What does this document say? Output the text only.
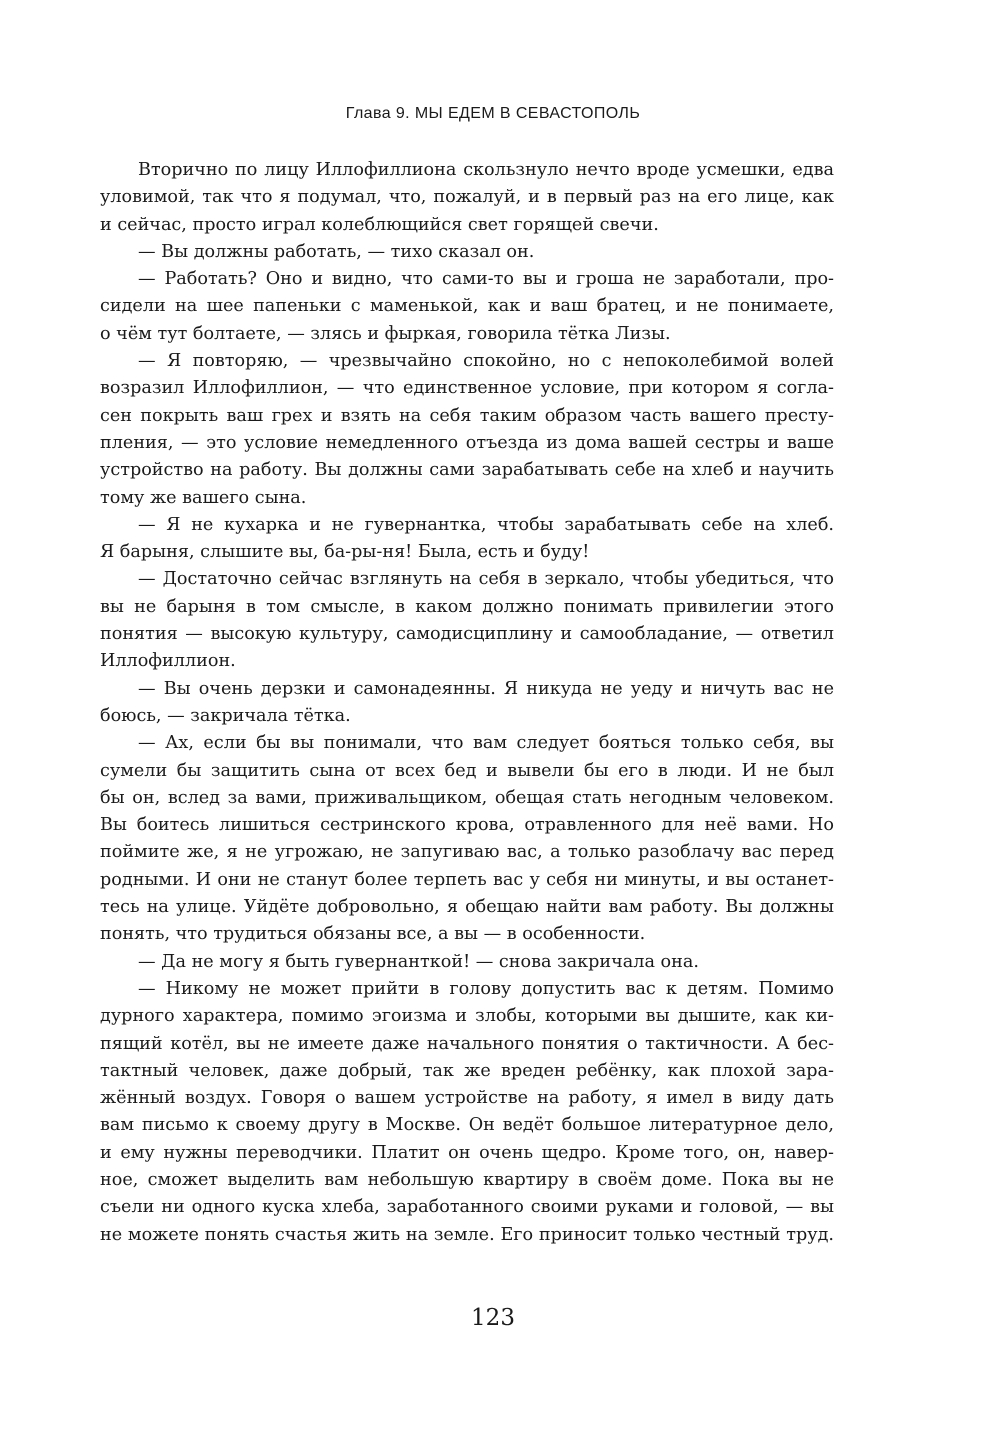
Глава 9. МЫ ЕДЕМ В СЕВАСТОПОЛЬ
Вторично по лицу Иллофиллиона скользнуло нечто вроде усмешки, едва
уловимой, так что я подумал, что, пожалуй, и в первый раз на его лице, как
и сейчас, просто играл колеблющийся свет горящей свечи.
— Вы должны работать, — тихо сказал он.
— Работать? Оно и видно, что сами-то вы и гроша не заработали, про-
сидели на шее папеньки с маменькой, как и ваш братец, и не понимаете,
о чём тут болтаете, — злясь и фыркая, говорила тётка Лизы.
— Я повторяю, — чрезвычайно спокойно, но с непоколебимой волей
возразил Иллофиллион, — что единственное условие, при котором я согла-
сен покрыть ваш грех и взять на себя таким образом часть вашего престу-
пления, — это условие немедленного отъезда из дома вашей сестры и ваше
устройство на работу. Вы должны сами зарабатывать себе на хлеб и научить
тому же вашего сына.
— Я не кухарка и не гувернантка, чтобы зарабатывать себе на хлеб.
Я барыня, слышите вы, ба-ры-ня! Была, есть и буду!
— Достаточно сейчас взглянуть на себя в зеркало, чтобы убедиться, что
вы не барыня в том смысле, в каком должно понимать привилегии этого
понятия — высокую культуру, самодисциплину и самообладание, — ответил
Иллофиллион.
— Вы очень дерзки и самонадеянны. Я никуда не уеду и ничуть вас не
боюсь, — закричала тётка.
— Ах, если бы вы понимали, что вам следует бояться только себя, вы
сумели бы защитить сына от всех бед и вывели бы его в люди. И не был
бы он, вслед за вами, приживальщиком, обещая стать негодным человеком.
Вы боитесь лишиться сестринского крова, отравленного для неё вами. Но
поймите же, я не угрожаю, не запугиваю вас, а только разоблачу вас перед
родными. И они не станут более терпеть вас у себя ни минуты, и вы останет-
тесь на улице. Уйдёте добровольно, я обещаю найти вам работу. Вы должны
понять, что трудиться обязаны все, а вы — в особенности.
— Да не могу я быть гувернанткой! — снова закричала она.
— Никому не может прийти в голову допустить вас к детям. Помимо
дурного характера, помимо эгоизма и злобы, которыми вы дышите, как ки-
пящий котёл, вы не имеете даже начального понятия о тактичности. А бес-
тактный человек, даже добрый, так же вреден ребёнку, как плохой зара-
жённый воздух. Говоря о вашем устройстве на работу, я имел в виду дать
вам письмо к своему другу в Москве. Он ведёт большое литературное дело,
и ему нужны переводчики. Платит он очень щедро. Кроме того, он, навер-
ное, сможет выделить вам небольшую квартиру в своём доме. Пока вы не
съели ни одного куска хлеба, заработанного своими руками и головой, — вы
не можете понять счастья жить на земле. Его приносит только честный труд.
123
